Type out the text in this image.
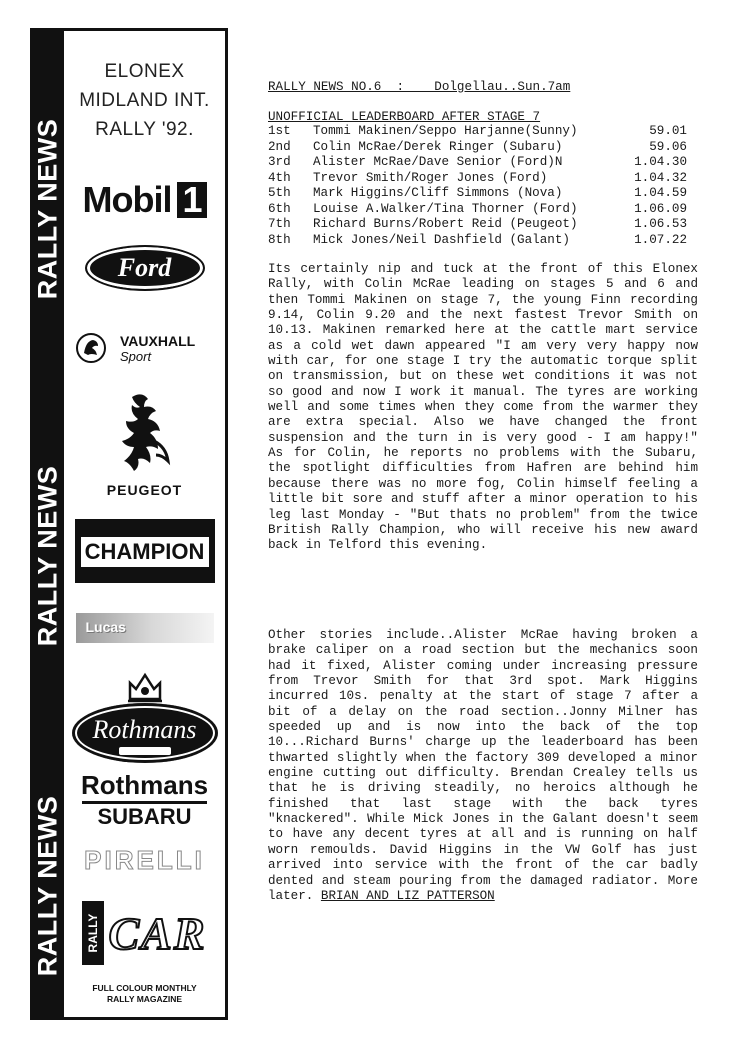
RALLY NEWS
RALLY NEWS
RALLY NEWS
ELONEX
MIDLAND INT.
RALLY '92.
Mobil 1
Ford

VAUXHALL
Sport
PEUGEOT
CHAMPION
Lucas
Rothmans
Rothmans
SUBARU
PIRELLI
RALLY CAR
FULL COLOUR MONTHLY
RALLY MAGAZINE
RALLY NEWS NO.6  :    Dolgellau..Sun.7am
UNOFFICIAL LEADERBOARD AFTER STAGE 7
1st	Tommi Makinen/Seppo Harjanne(Sunny)	59.01
2nd	Colin McRae/Derek Ringer (Subaru)	59.06
3rd	Alister McRae/Dave Senior (Ford)N	1.04.30
4th	Trevor Smith/Roger Jones (Ford)	1.04.32
5th	Mark Higgins/Cliff Simmons (Nova)	1.04.59
6th	Louise A.Walker/Tina Thorner (Ford)	1.06.09
7th	Richard Burns/Robert Reid (Peugeot)	1.06.53
8th	Mick Jones/Neil Dashfield (Galant)	1.07.22

Its certainly nip and tuck at the front of this Elonex Rally, with Colin McRae leading on stages 5 and 6 and then Tommi Makinen on stage 7, the young Finn recording 9.14, Colin 9.20 and the next fastest Trevor Smith on 10.13. Makinen remarked here at the cattle mart service as a cold wet dawn appeared "I am very very happy now with car, for one stage I try the automatic torque split on transmission, but on these wet conditions it was not so good and now I work it manual. The tyres are working well and some times when they come from the warmer they are extra special. Also we have changed the front suspension and the turn in is very good - I am happy!" As for Colin, he reports no problems with the Subaru, the spotlight difficulties from Hafren are behind him because there was no more fog, Colin himself feeling a little bit sore and stuff after a minor operation to his leg last Monday - "But thats no problem" from the twice British Rally Champion, who will receive his new award back in Telford this evening.

Other stories include..Alister McRae having broken a brake caliper on a road section but the mechanics soon had it fixed, Alister coming under increasing pressure from Trevor Smith for that 3rd spot. Mark Higgins incurred 10s. penalty at the start of stage 7 after a bit of a delay on the road section..Jonny Milner has speeded up and is now into the back of the top 10...Richard Burns' charge up the leaderboard has been thwarted slightly when the factory 309 developed a minor engine cutting out difficulty. Brendan Crealey tells us that he is driving steadily, no heroics although he finished that last stage with the back tyres "knackered". While Mick Jones in the Galant doesn't seem to have any decent tyres at all and is running on half worn remoulds. David Higgins in the VW Golf has just arrived into service with the front of the car badly dented and steam pouring from the damaged radiator. More later. BRIAN AND LIZ PATTERSON
